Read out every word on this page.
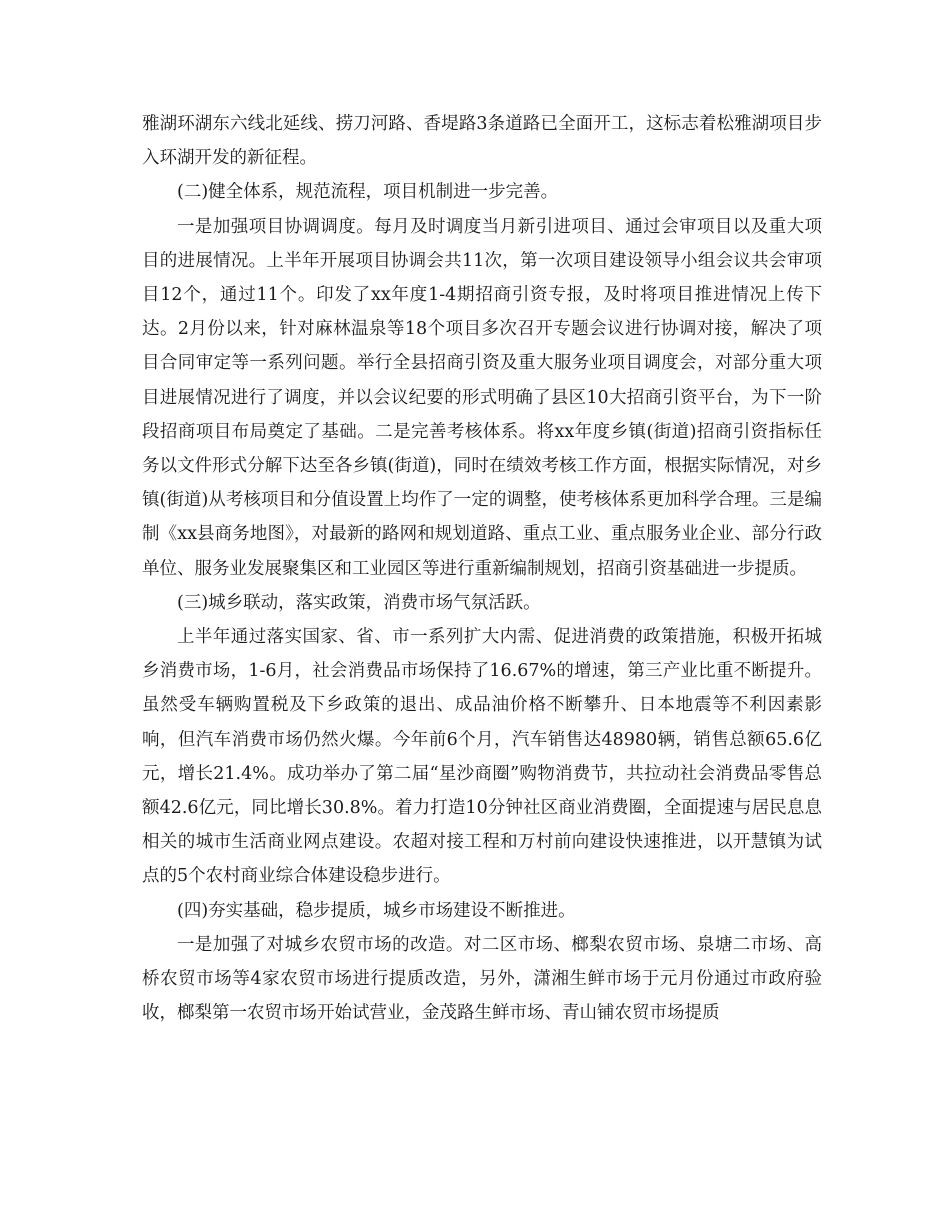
雅湖环湖东六线北延线、捞刀河路、香堤路3条道路已全面开工，这标志着松雅湖项目步入环湖开发的新征程。

(二)健全体系，规范流程，项目机制进一步完善。

一是加强项目协调调度。每月及时调度当月新引进项目、通过会审项目以及重大项目的进展情况。上半年开展项目协调会共11次，第一次项目建设领导小组会议共会审项目12个，通过11个。印发了xx年度1-4期招商引资专报，及时将项目推进情况上传下达。2月份以来，针对麻林温泉等18个项目多次召开专题会议进行协调对接，解决了项目合同审定等一系列问题。举行全县招商引资及重大服务业项目调度会，对部分重大项目进展情况进行了调度，并以会议纪要的形式明确了县区10大招商引资平台，为下一阶段招商项目布局奠定了基础。二是完善考核体系。将xx年度乡镇(街道)招商引资指标任务以文件形式分解下达至各乡镇(街道)，同时在绩效考核工作方面，根据实际情况，对乡镇(街道)从考核项目和分值设置上均作了一定的调整，使考核体系更加科学合理。三是编制《xx县商务地图》，对最新的路网和规划道路、重点工业、重点服务业企业、部分行政单位、服务业发展聚集区和工业园区等进行重新编制规划，招商引资基础进一步提质。

(三)城乡联动，落实政策，消费市场气氛活跃。

上半年通过落实国家、省、市一系列扩大内需、促进消费的政策措施，积极开拓城乡消费市场，1-6月，社会消费品市场保持了16.67%的增速，第三产业比重不断提升。虽然受车辆购置税及下乡政策的退出、成品油价格不断攀升、日本地震等不利因素影响，但汽车消费市场仍然火爆。今年前6个月，汽车销售达48980辆，销售总额65.6亿元，增长21.4%。成功举办了第二届“星沙商圈”购物消费节，共拉动社会消费品零售总额42.6亿元，同比增长30.8%。着力打造10分钟社区商业消费圈，全面提速与居民息息相关的城市生活商业网点建设。农超对接工程和万村前向建设快速推进，以开慧镇为试点的5个农村商业综合体建设稳步进行。

(四)夯实基础，稳步提质，城乡市场建设不断推进。

一是加强了对城乡农贸市场的改造。对二区市场、榔梨农贸市场、泉塘二市场、高桥农贸市场等4家农贸市场进行提质改造，另外，潇湘生鲜市场于元月份通过市政府验收，榔梨第一农贸市场开始试营业，金茂路生鲜市场、青山铺农贸市场提质
